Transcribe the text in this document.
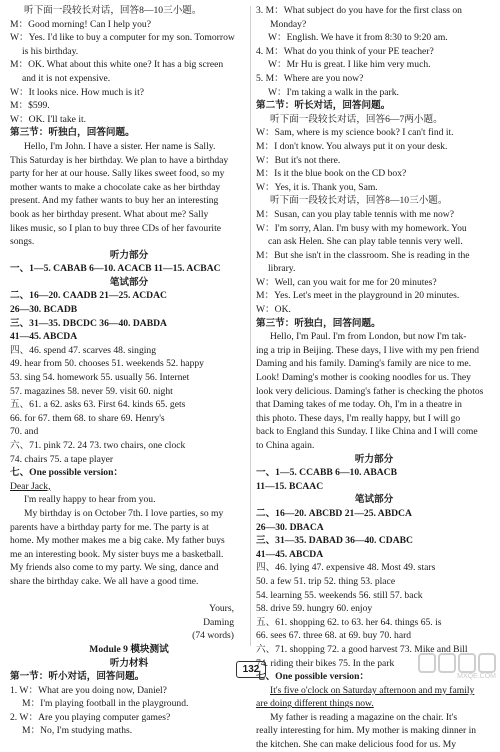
听下面一段较长对话，回答8—10三小题。
M：Good morning! Can I help you?
W：Yes. I'd like to buy a computer for my son. Tomorrow
is his birthday.
M：OK. What about this white one? It has a big screen
and it is not expensive.
W：It looks nice. How much is it?
M：$599.
W：OK. I'll take it.
第三节：听独白，回答问题。
Hello, I'm John. I have a sister. Her name is Sally.
This Saturday is her birthday. We plan to have a birthday
party for her at our house. Sally likes sweet food, so my
mother wants to make a chocolate cake as her birthday
present. And my father wants to buy her an interesting
book as her birthday present. What about me? Sally
likes music, so I plan to buy three CDs of her favourite
songs.
听力部分
一、1—5. CABAB 6—10. ACACB 11—15. ACBAC
笔试部分
二、16—20. CAADB 21—25. ACDAC
26—30. BCADB
三、31—35. DBCDC 36—40. DABDA
41—45. ABCDA
四、46. spend 47. scarves 48. singing
49. hear from 50. chooses 51. weekends 52. happy
53. sing 54. homework 55. usually 56. Internet
57. magazines 58. never 59. visit 60. night
五、61. a 62. asks 63. First 64. kinds 65. gets
66. for 67. them 68. to share 69. Henry's
70. and
六、71. pink 72. 24 73. two chairs, one clock
74. chairs 75. a tape player
七、One possible version：
Dear Jack,
I'm really happy to hear from you.
My birthday is on October 7th. I love parties, so my
parents have a birthday party for me. The party is at
home. My mother makes me a big cake. My father buys
me an interesting book. My sister buys me a basketball.
My friends also come to my party. We sing, dance and
share the birthday cake. We all have a good time.

Yours,
Daming
(74 words)
Module 9 模块测试
听力材料
第一节：听小对话，回答问题。
1. W：What are you doing now, Daniel?
M：I'm playing football in the playground.
2. W：Are you playing computer games?
M：No, I'm studying maths.
3. M：What subject do you have for the first class on
Monday?
W：English. We have it from 8:30 to 9:20 am.
4. M：What do you think of your PE teacher?
W：Mr Hu is great. I like him very much.
5. M：Where are you now?
W：I'm taking a walk in the park.
第二节：听长对话，回答问题。
听下面一段较长对话，回答6—7两小题。
W：Sam, where is my science book? I can't find it.
M：I don't know. You always put it on your desk.
W：But it's not there.
M：Is it the blue book on the CD box?
W：Yes, it is. Thank you, Sam.
听下面一段较长对话，回答8—10三小题。
M：Susan, can you play table tennis with me now?
W：I'm sorry, Alan. I'm busy with my homework. You
can ask Helen. She can play table tennis very well.
M：But she isn't in the classroom. She is reading in the
library.
W：Well, can you wait for me for 20 minutes?
M：Yes. Let's meet in the playground in 20 minutes.
W：OK.
第三节：听独白，回答问题。
Hello, I'm Paul. I'm from London, but now I'm tak-
ing a trip in Beijing. These days, I live with my pen friend
Daming and his family. Daming's family are nice to me.
Look! Daming's mother is cooking noodles for us. They
look very delicious. Daming's father is checking the photos
that Daming takes of me today. Oh, I'm in a theatre in
this photo. These days, I'm really happy, but I will go
back to England this Sunday. I like China and I will come
to China again.
听力部分
一、1—5. CCABB 6—10. ABACB
11—15. BCAAC
笔试部分
二、16—20. ABCBD 21—25. ABDCA
26—30. DBACA
三、31—35. DABAD 36—40. CDABC
41—45. ABCDA
四、46. lying 47. expensive 48. Most 49. stars
50. a few 51. trip 52. thing 53. place
54. learning 55. weekends 56. still 57. back
58. drive 59. hungry 60. enjoy
五、61. shopping 62. to 63. her 64. things 65. is
66. sees 67. three 68. at 69. buy 70. hard
六、71. shopping 72. a good harvest 73. Mike and Bill
74. riding their bikes 75. In the park
七、One possible version：
It's five o'clock on Saturday afternoon and my family
are doing different things now.
My father is reading a magazine on the chair. It's
really interesting for him. My mother is making dinner in
the kitchen. She can make delicious food for us. My
132
MXQE.COM
